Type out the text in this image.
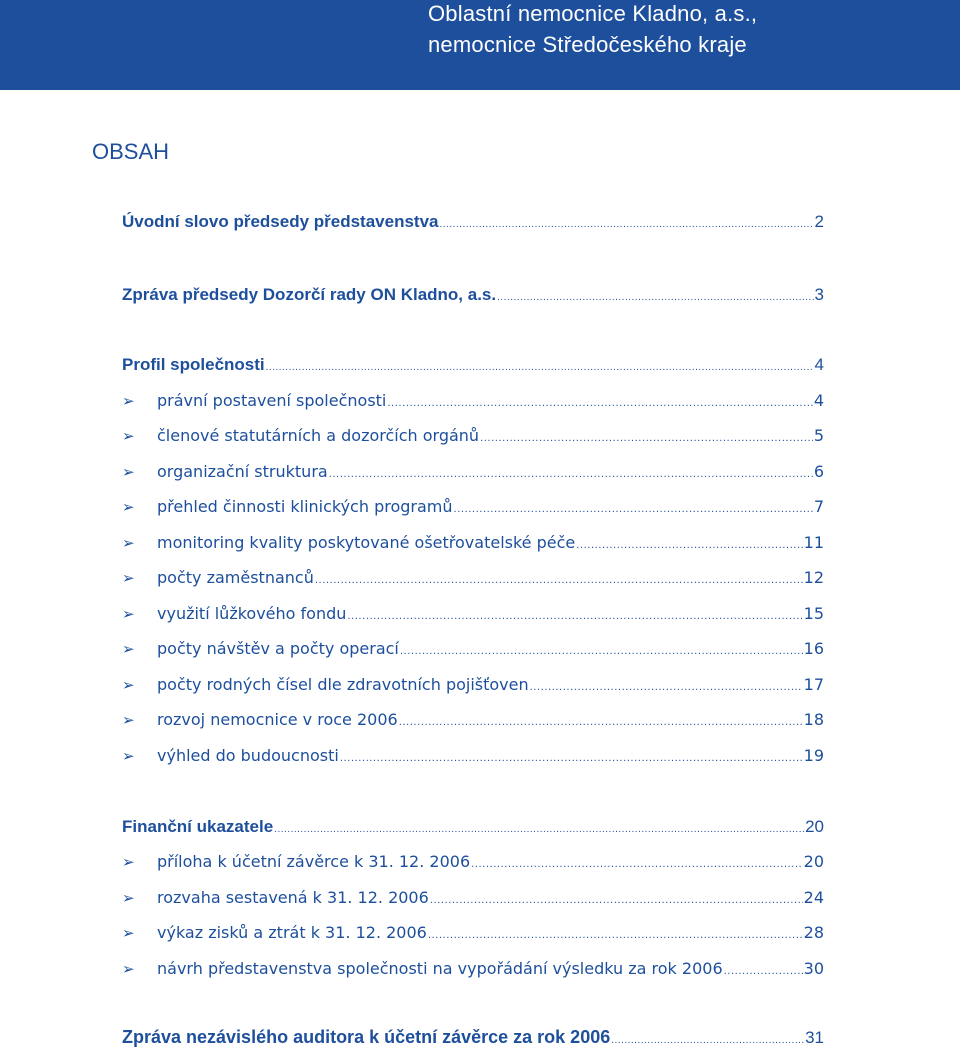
Oblastní nemocnice Kladno, a.s.,
nemocnice Středočeského kraje
OBSAH
Úvodní slovo předsedy představenstva .....	2
Zpráva předsedy Dozorčí rady ON Kladno, a.s. .....	3
Profil společnosti .....	4
➢	právní postavení společnosti .....	4
➢	členové statutárních a dozorčích orgánů .....	5
➢	organizační struktura .....	6
➢	přehled činnosti klinických programů .....	7
➢	monitoring kvality poskytované ošetřovatelské péče .....	11
➢	počty zaměstnanců .....	12
➢	využití lůžkového fondu .....	15
➢	počty návštěv a počty operací .....	16
➢	počty rodných čísel dle zdravotních pojišťoven .....	17
➢	rozvoj nemocnice v roce 2006 .....	18
➢	výhled do budoucnosti .....	19
Finanční ukazatele .....	20
➢	příloha k účetní závěrce k 31. 12. 2006 .....	20
➢	rozvaha sestavená k 31. 12. 2006 .....	24
➢	výkaz zisků a ztrát k 31. 12. 2006 .....	28
➢	návrh představenstva společnosti na vypořádání výsledku za rok 2006 .....	30
Zpráva nezávislého auditora k účetní závěrce za rok 2006 .....	31
